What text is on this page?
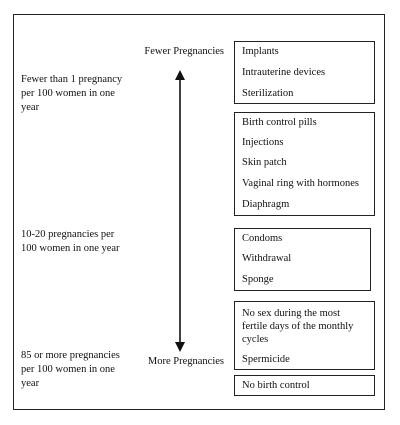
Fewer than 1 pregnancy per 100 women in one year
10-20 pregnancies per 100 women in one year
85 or more pregnancies per 100 women in one year
Fewer Pregnancies
More Pregnancies
Implants
Intrauterine devices
Sterilization
Birth control pills
Injections
Skin patch
Vaginal ring with hormones
Diaphragm
Condoms
Withdrawal
Sponge
No sex during the most fertile days of the monthly cycles
Spermicide
No birth control
